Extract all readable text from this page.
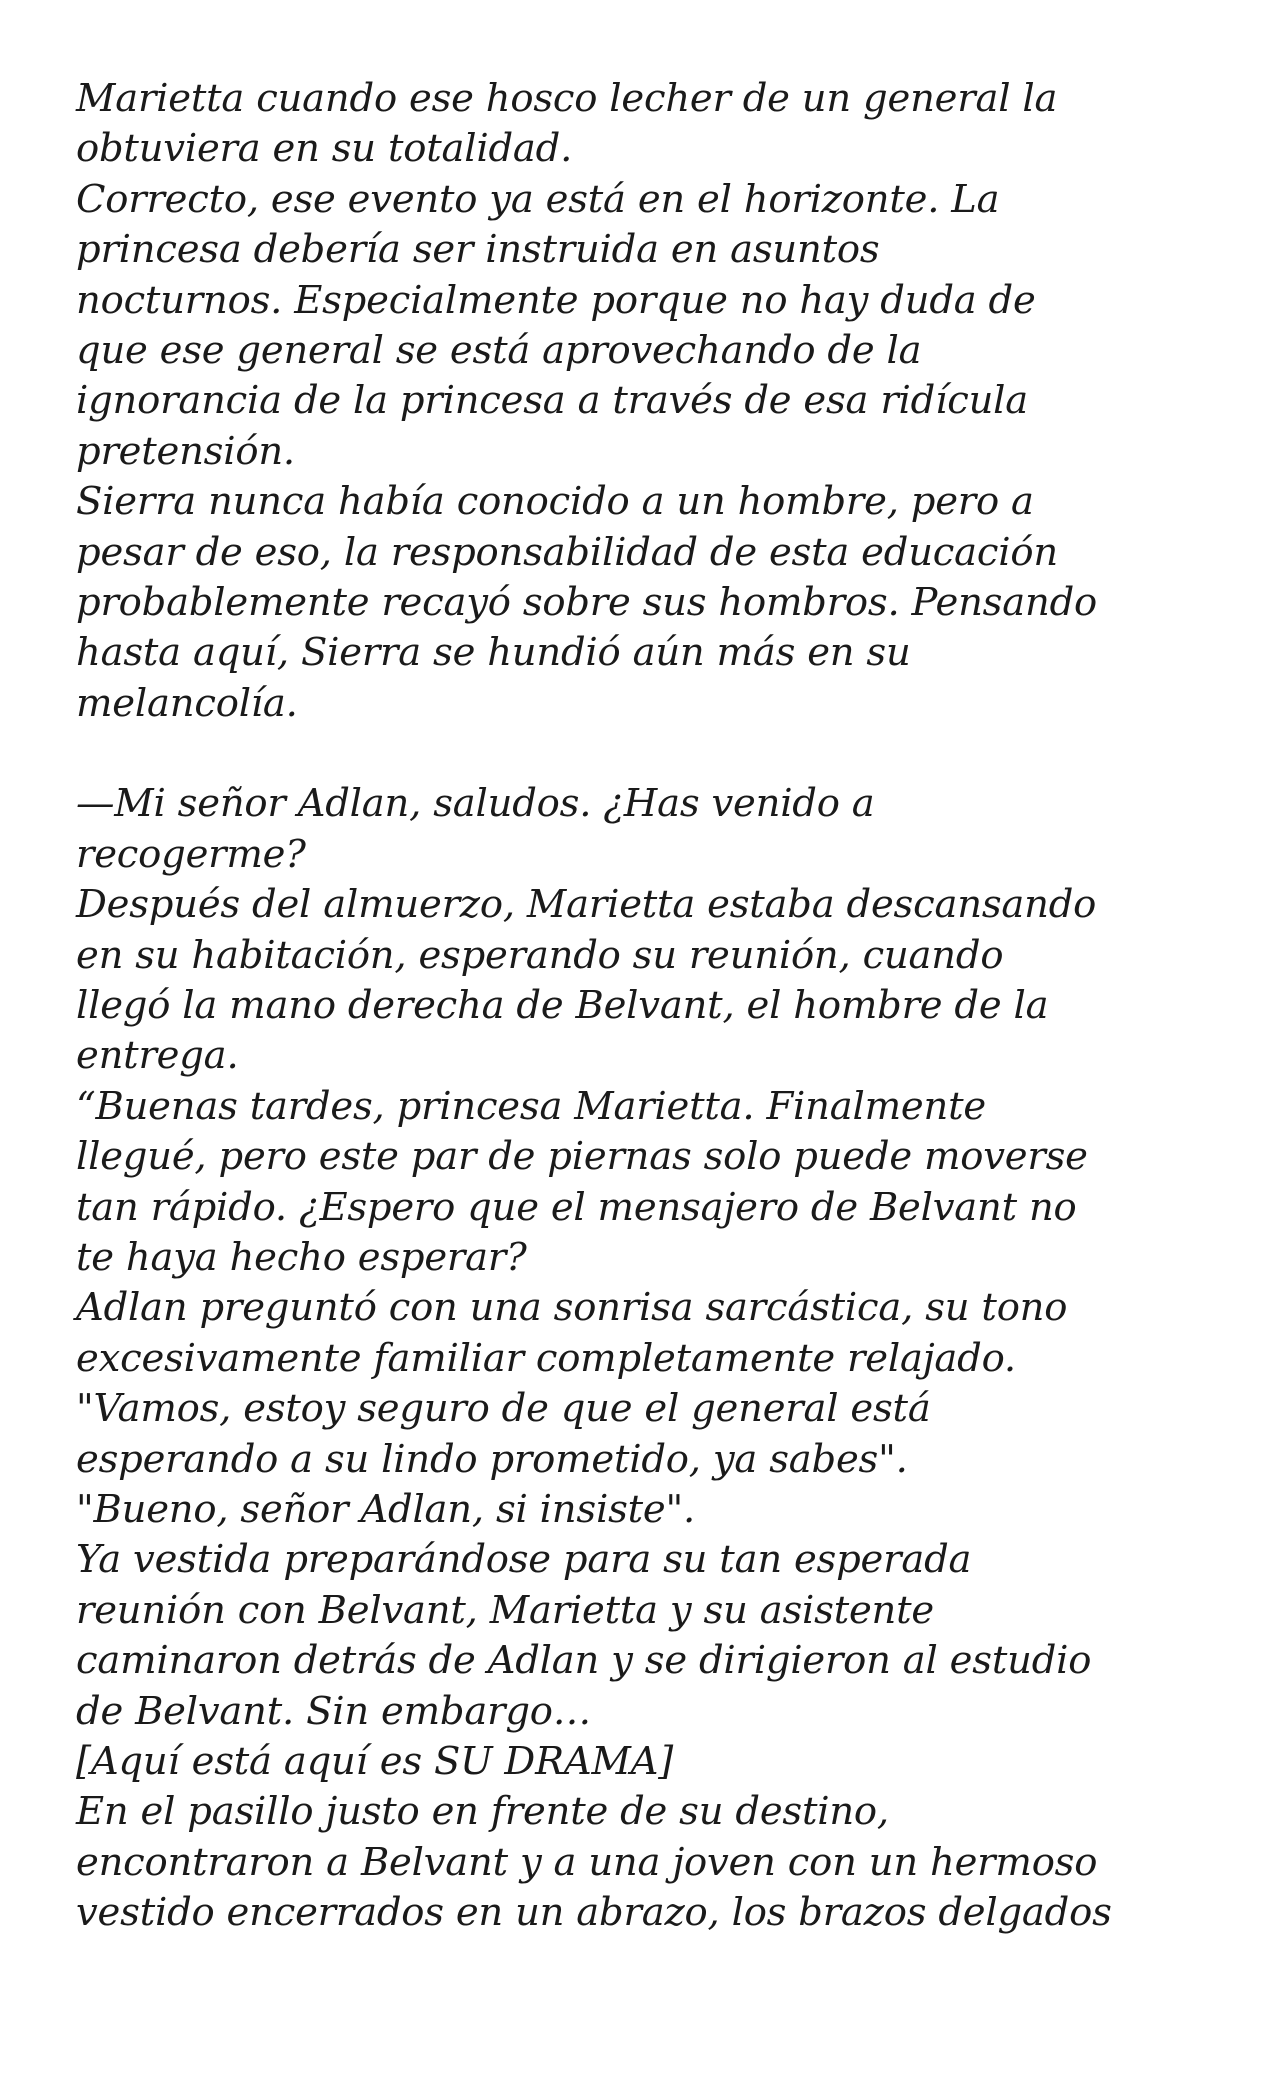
Marietta cuando ese hosco lecher de un general la
obtuviera en su totalidad.
Correcto, ese evento ya está en el horizonte. La
princesa debería ser instruida en asuntos
nocturnos. Especialmente porque no hay duda de
que ese general se está aprovechando de la
ignorancia de la princesa a través de esa ridícula
pretensión.
Sierra nunca había conocido a un hombre, pero a
pesar de eso, la responsabilidad de esta educación
probablemente recayó sobre sus hombros. Pensando
hasta aquí, Sierra se hundió aún más en su
melancolía.
—Mi señor Adlan, saludos. ¿Has venido a
recogerme?
Después del almuerzo, Marietta estaba descansando
en su habitación, esperando su reunión, cuando
llegó la mano derecha de Belvant, el hombre de la
entrega.
“Buenas tardes, princesa Marietta. Finalmente
llegué, pero este par de piernas solo puede moverse
tan rápido. ¿Espero que el mensajero de Belvant no
te haya hecho esperar?
Adlan preguntó con una sonrisa sarcástica, su tono
excesivamente familiar completamente relajado.
"Vamos, estoy seguro de que el general está
esperando a su lindo prometido, ya sabes".
"Bueno, señor Adlan, si insiste".
Ya vestida preparándose para su tan esperada
reunión con Belvant, Marietta y su asistente
caminaron detrás de Adlan y se dirigieron al estudio
de Belvant. Sin embargo…
[Aquí está aquí es SU DRAMA]
En el pasillo justo en frente de su destino,
encontraron a Belvant y a una joven con un hermoso
vestido encerrados en un abrazo, los brazos delgados
